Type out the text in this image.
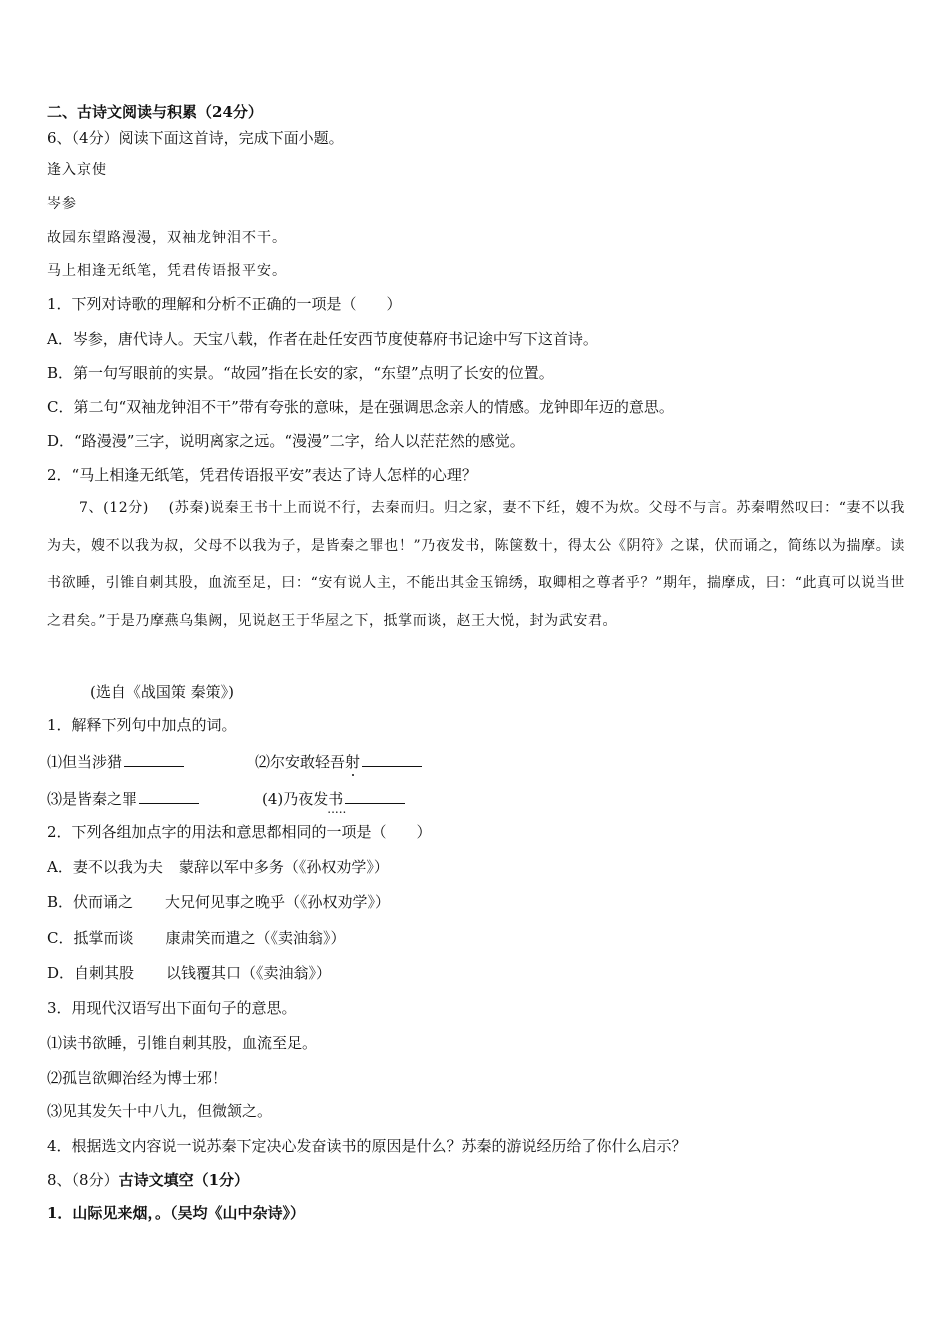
二、古诗文阅读与积累（24分）
6、（4分）阅读下面这首诗，完成下面小题。
逢入京使
岑参
故园东望路漫漫，双袖龙钟泪不干。
马上相逢无纸笔，凭君传语报平安。
1．下列对诗歌的理解和分析不正确的一项是（　　）
A．岑参，唐代诗人。天宝八载，作者在赴任安西节度使幕府书记途中写下这首诗。
B．第一句写眼前的实景。“故园”指在长安的家，“东望”点明了长安的位置。
C．第二句“双袖龙钟泪不干”带有夸张的意味，是在强调思念亲人的情感。龙钟即年迈的意思。
D．“路漫漫”三字，说明离家之远。“漫漫”二字，给人以茫茫然的感觉。
2．“马上相逢无纸笔，凭君传语报平安”表达了诗人怎样的心理？
7、(12分)　 (苏秦)说秦王书十上而说不行，去秦而归。归之家，妻不下纴，嫂不为炊。父母不与言。苏秦喟然叹曰：“妻不以我为夫，嫂不以我为叔，父母不以我为子，是皆秦之罪也！”乃夜发书，陈箧数十，得太公《阴符》之谋，伏而诵之，简练以为揣摩。读书欲睡，引锥自刺其股，血流至足，曰：“安有说人主，不能出其金玉锦绣，取卿相之尊者乎？”期年，揣摩成，曰：“此真可以说当世之君矣。”于是乃摩燕乌集阙，见说赵王于华屋之下，抵掌而谈，赵王大悦，封为武安君。
(选自《战国策 秦策》)
1．解释下列句中加点的词。
⑴但当涉猎	⑵尔安敢轻吾射
⑶是皆秦之罪	(4)乃夜发书 .....
2．下列各组加点字的用法和意思都相同的一项是（　　）
A．妻不以我为夫 蒙辞以军中多务（《孙权劝学》）
B．伏而诵之 大兄何见事之晚乎（《孙权劝学》）
C．抵掌而谈 康肃笑而遣之（《卖油翁》）
D．自刺其股 以钱覆其口（《卖油翁》）
3．用现代汉语写出下面句子的意思。
⑴读书欲睡，引锥自刺其股，血流至足。
⑵孤岂欲卿治经为博士邪！
⑶见其发矢十中八九，但微颔之。
4．根据选文内容说一说苏秦下定决心发奋读书的原因是什么？苏秦的游说经历给了你什么启示？
8、（8分）古诗文填空（1分）
1．山际见来烟，。（吴均《山中杂诗》）
